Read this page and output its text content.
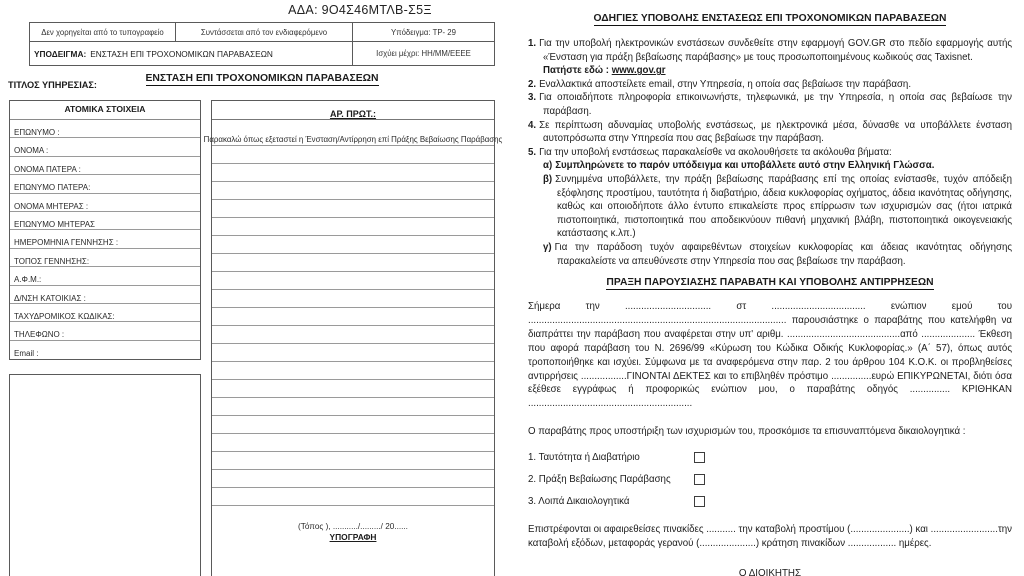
ΑΔΑ: 9Ο4Σ46ΜΤΛΒ-Σ5Ξ
Δεν χορηγείται από το τυπογραφείο	Συντάσσεται από τον ενδιαφερόμενο	Υπόδειγμα: ΤΡ- 29
ΥΠΟΔΕΙΓΜΑ: ΕΝΣΤΑΣΗ ΕΠΙ ΤΡΟΧΟΝΟΜΙΚΩΝ ΠΑΡΑΒΑΣΕΩΝ	Ισχύει μέχρι: ΗΗ/ΜΜ/ΕΕΕΕ
ΕΝΣΤΑΣΗ ΕΠΙ ΤΡΟΧΟΝΟΜΙΚΩΝ ΠΑΡΑΒΑΣΕΩΝ
ΤΙΤΛΟΣ ΥΠΗΡΕΣΙΑΣ:
ΑΤΟΜΙΚΑ ΣΤΟΙΧΕΙΑ
ΕΠΩΝΥΜΟ :
ΟΝΟΜΑ :
ΟΝΟΜΑ ΠΑΤΕΡΑ :
ΕΠΩΝΥΜΟ ΠΑΤΕΡΑ:
ΟΝΟΜΑ ΜΗΤΕΡΑΣ :
ΕΠΩΝΥΜΟ ΜΗΤΕΡΑΣ
ΗΜΕΡΟΜΗΝΙΑ ΓΕΝΝΗΣΗΣ :
ΤΟΠΟΣ ΓΕΝΝΗΣΗΣ:
Α.Φ.Μ.:
Δ/ΝΣΗ ΚΑΤΟΙΚΙΑΣ :
ΤΑΧΥΔΡΟΜΙΚΟΣ ΚΩΔΙΚΑΣ:
ΤΗΛΕΦΩΝΟ :
Email :
ΑΡ. ΠΡΩΤ.:
Παρακαλώ όπως εξεταστεί η Ένσταση/Αντίρρηση επί Πράξης Βεβαίωσης Παράβασης
(Τόπος ), .........../........./ 20......
ΥΠΟΓΡΑΦΗ
ΟΔΗΓΙΕΣ ΥΠΟΒΟΛΗΣ ΕΝΣΤΑΣΕΩΣ ΕΠΙ ΤΡΟΧΟΝΟΜΙΚΩΝ ΠΑΡΑΒΑΣΕΩΝ
1. Για την υποβολή ηλεκτρονικών ενστάσεων συνδεθείτε στην εφαρμογή GOV.GR στο πεδίο εφαρμογής αυτής «Ένσταση για πράξη βεβαίωσης παράβασης» με τους προσωποποιημένους κωδικούς σας Taxisnet.
Πατήστε εδώ : www.gov.gr
2. Εναλλακτικά αποστείλετε email, στην Υπηρεσία, η οποία σας βεβαίωσε την παράβαση.
3. Για οποιαδήποτε πληροφορία επικοινωνήστε, τηλεφωνικά, με την Υπηρεσία, η οποία σας βεβαίωσε την παράβαση.
4. Σε περίπτωση αδυναμίας υποβολής ενστάσεως, με ηλεκτρονικά μέσα, δύνασθε να υποβάλλετε ένσταση αυτοπρόσωπα στην Υπηρεσία που σας βεβαίωσε την παράβαση.
5. Για την υποβολή ενστάσεως παρακαλείσθε να ακολουθήσετε τα ακόλουθα βήματα:
α) Συμπληρώνετε το παρόν υπόδειγμα και υποβάλλετε αυτό στην Ελληνική Γλώσσα.
β) Συνημμένα υποβάλλετε, την πράξη βεβαίωσης παράβασης επί της οποίας ενίστασθε, τυχόν απόδειξη εξόφλησης προστίμου, ταυτότητα ή διαβατήριο, άδεια κυκλοφορίας οχήματος, άδεια ικανότητας οδήγησης, καθώς και οποιοδήποτε άλλο έντυπο επικαλείστε προς επίρρωσιν των ισχυρισμών σας (ήτοι ιατρικά πιστοποιητικά, πιστοποιητικά που αποδεικνύουν πιθανή μηχανική βλάβη, πιστοποιητικά οικογενειακής κατάστασης κ.λπ.)
γ) Για την παράδοση τυχόν αφαιρεθέντων στοιχείων κυκλοφορίας και άδειας ικανότητας οδήγησης παρακαλείστε να απευθύνεστε στην Υπηρεσία που σας βεβαίωσε την παράβαση.
ΠΡΑΞΗ ΠΑΡΟΥΣΙΑΣΗΣ ΠΑΡΑΒΑΤΗ ΚΑΙ ΥΠΟΒΟΛΗΣ ΑΝΤΙΡΡΗΣΕΩΝ
Σήμερα την ................................ στ ................................... ενώπιον εμού του ................................................................................................ παρουσιάστηκε ο παραβάτης που κατελήφθη να διαπράττει την παράβαση που αναφέρεται στην υπ' αριθμ. ..........................................από .................... Έκθεση που αφορά παράβαση του Ν. 2696/99 «Κύρωση του Κώδικα Οδικής Κυκλοφορίας.» (Α΄ 57), όπως αυτός τροποποιήθηκε και ισχύει. Σύμφωνα με τα αναφερόμενα στην παρ. 2 του άρθρου 104 Κ.Ο.Κ. οι προβληθείσες αντιρρήσεις .................ΓΙΝΟΝΤΑΙ ΔΕΚΤΕΣ και το επιβληθέν πρόστιμο ...............ευρώ ΕΠΙΚΥΡΩΝΕΤΑΙ, διότι όσα εξέθεσε εγγράφως ή προφορικώς ενώπιον μου, ο παραβάτης οδηγός ............... ΚΡΙΘΗΚΑΝ .............................................................
Ο παραβάτης προς υποστήριξη των ισχυρισμών του, προσκόμισε τα επισυναπτόμενα δικαιολογητικά :
1. Ταυτότητα ή Διαβατήριο
2. Πράξη Βεβαίωσης Παράβασης
3. Λοιπά Δικαιολογητικά
Επιστρέφονται οι αφαιρεθείσες πινακίδες ........... την καταβολή προστίμου (......................) και .........................την καταβολή εξόδων, μεταφοράς γερανού (.....................) κράτηση πινακίδων .................. ημέρες.
Ο ΔΙΟΙΚΗΤΗΣ
